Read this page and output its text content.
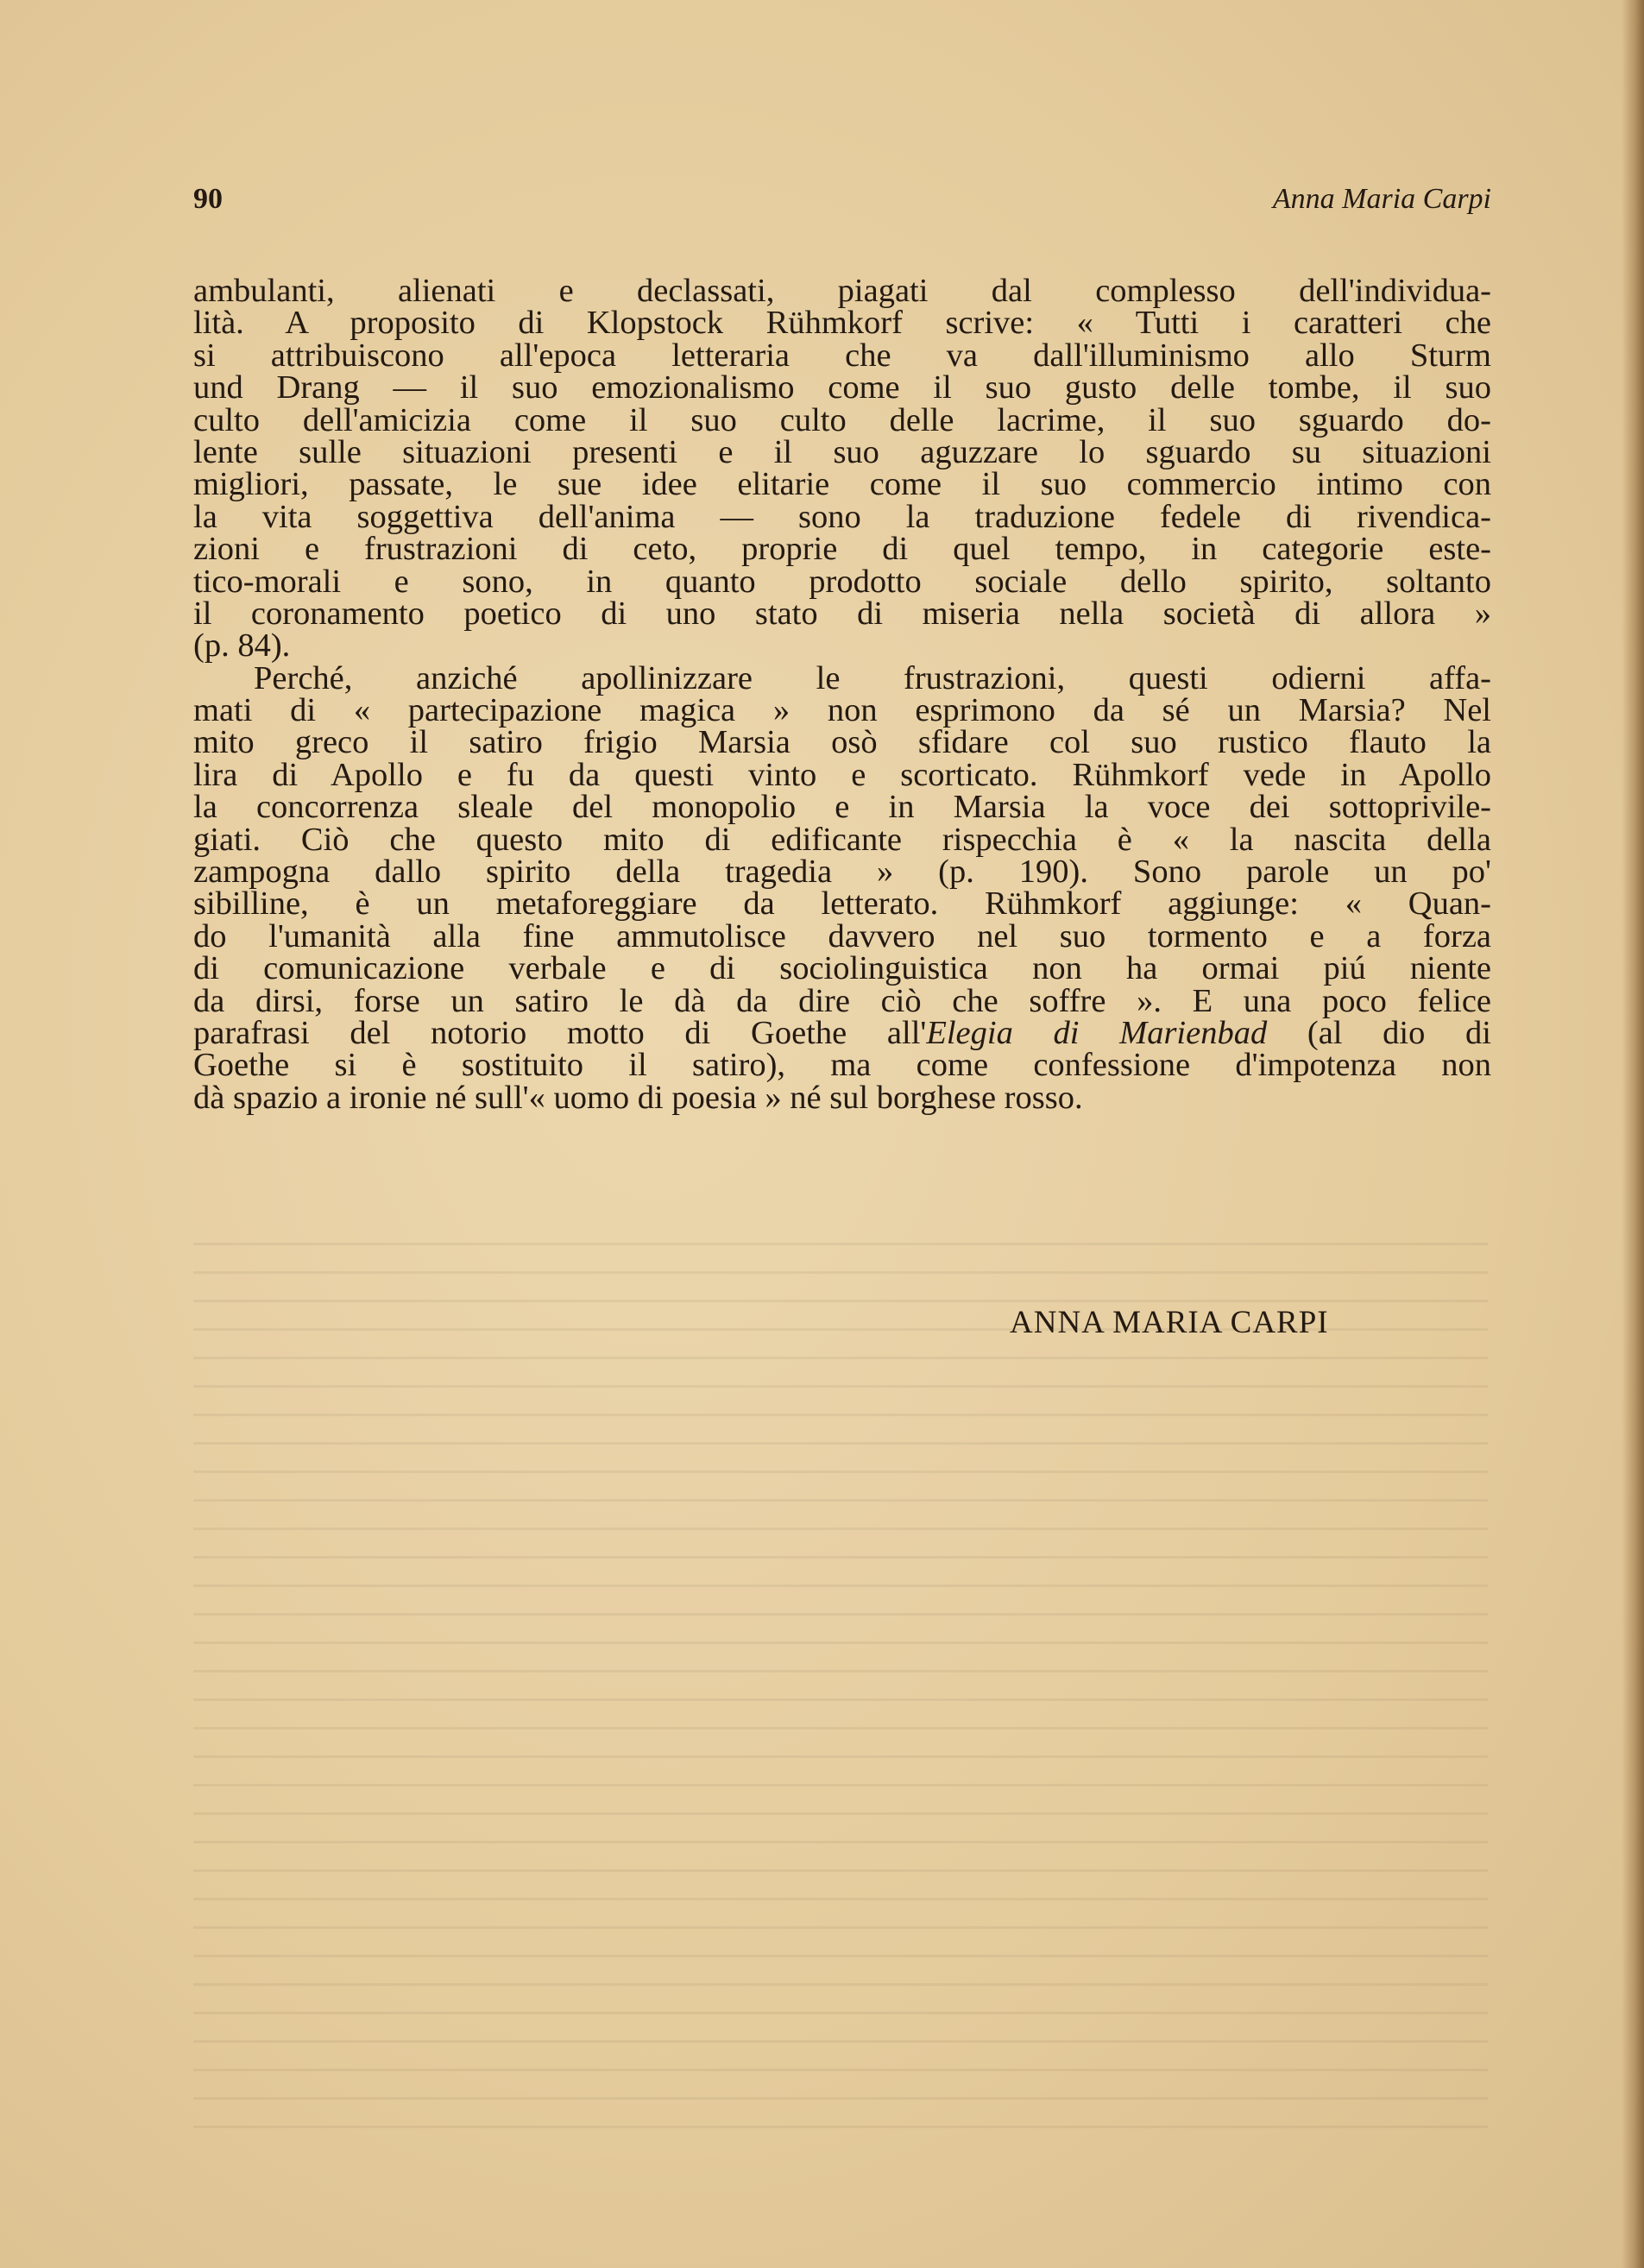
90	Anna Maria Carpi
ambulanti, alienati e declassati, piagati dal complesso dell'individua-
lità. A proposito di Klopstock Rühmkorf scrive: « Tutti i caratteri che
si attribuiscono all'epoca letteraria che va dall'illuminismo allo Sturm
und Drang — il suo emozionalismo come il suo gusto delle tombe, il suo
culto dell'amicizia come il suo culto delle lacrime, il suo sguardo do-
lente sulle situazioni presenti e il suo aguzzare lo sguardo su situazioni
migliori, passate, le sue idee elitarie come il suo commercio intimo con
la vita soggettiva dell'anima — sono la traduzione fedele di rivendica-
zioni e frustrazioni di ceto, proprie di quel tempo, in categorie este-
tico-morali e sono, in quanto prodotto sociale dello spirito, soltanto
il coronamento poetico di uno stato di miseria nella società di allora »
(p. 84).
Perché, anziché apollinizzare le frustrazioni, questi odierni affa-
mati di « partecipazione magica » non esprimono da sé un Marsia? Nel
mito greco il satiro frigio Marsia osò sfidare col suo rustico flauto la
lira di Apollo e fu da questi vinto e scorticato. Rühmkorf vede in Apollo
la concorrenza sleale del monopolio e in Marsia la voce dei sottoprivile-
giati. Ciò che questo mito di edificante rispecchia è « la nascita della
zampogna dallo spirito della tragedia » (p. 190). Sono parole un po'
sibilline, è un metaforeggiare da letterato. Rühmkorf aggiunge: « Quan-
do l'umanità alla fine ammutolisce davvero nel suo tormento e a forza
di comunicazione verbale e di sociolinguistica non ha ormai piú niente
da dirsi, forse un satiro le dà da dire ciò che soffre ». E una poco felice
parafrasi del notorio motto di Goethe all'Elegia di Marienbad (al dio di
Goethe si è sostituito il satiro), ma come confessione d'impotenza non
dà spazio a ironie né sull'« uomo di poesia » né sul borghese rosso.
ANNA MARIA CARPI
